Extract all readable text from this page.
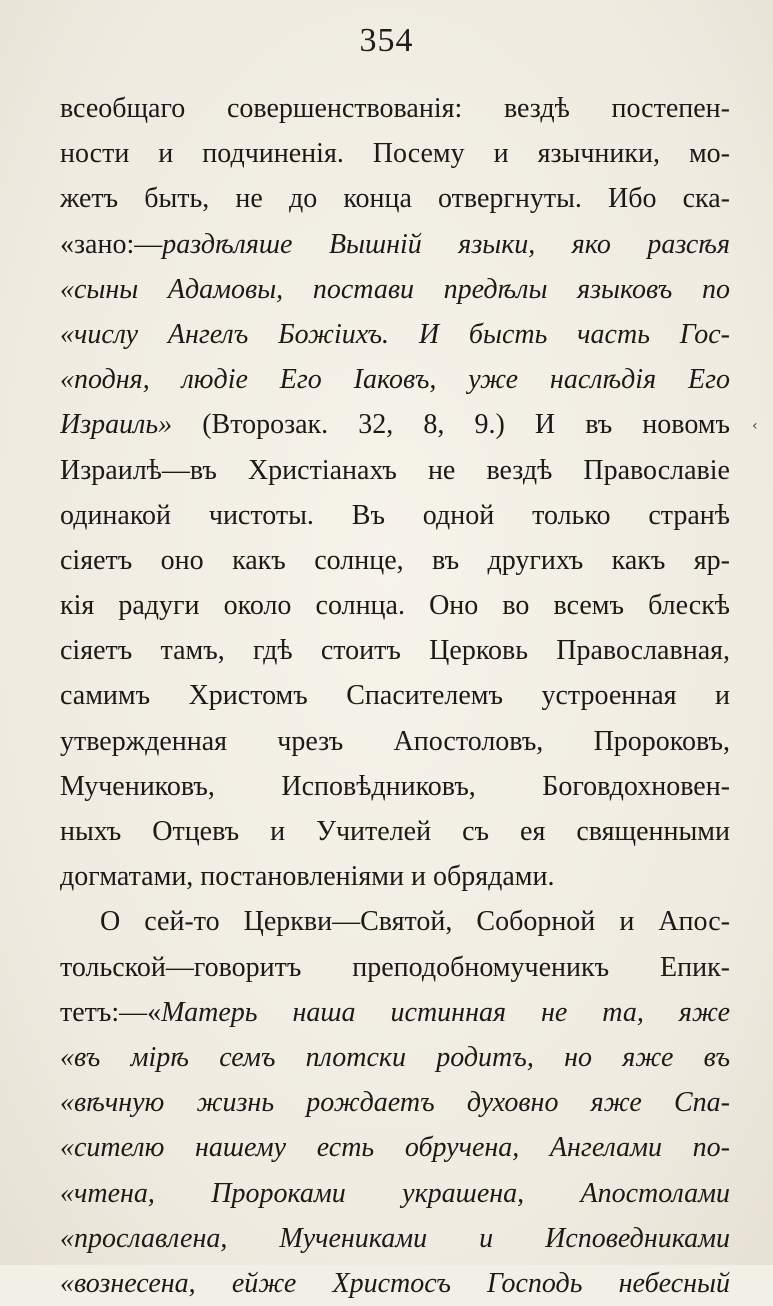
354
всеобщаго совершенствованія: вездѣ постепен-
ности и подчиненія. Посему и язычники, мо-
жетъ быть, не до конца отвергнуты. Ибо ска-
«зано:—раздѣляше Вышній языки, яко разсѣя
«сыны Адамовы, постави предѣлы языковъ по
«числу Ангелъ Божіихъ. И бысть часть Гос-
«подня, людіе Его Іаковъ, уже наслѣдія Его
Израиль» (Второзак. 32, 8, 9.) И въ новомъ
Израилѣ—въ Христіанахъ не вездѣ Православіе
одинакой чистоты. Въ одной только странѣ
сіяетъ оно какъ солнце, въ другихъ какъ яр-
кія радуги около солнца. Оно во всемъ блескѣ
сіяетъ тамъ, гдѣ стоитъ Церковь Православная,
самимъ Христомъ Спасителемъ устроенная и
утвержденная чрезъ Апостоловъ, Пророковъ,
Мучениковъ, Исповѣдниковъ, Боговдохновен-
ныхъ Отцевъ и Учителей съ ея священными
догматами, постановленіями и обрядами.
О сей-то Церкви—Святой, Соборной и Апос-
тольской—говоритъ преподобномученикъ Епик-
тетъ:—«Матерь наша истинная не та, яже
«въ мірѣ семъ плотски родитъ, но яже въ
«вѣчную жизнь рождаетъ духовно яже Спа-
«сителю нашему есть обручена, Ангелами по-
«чтена, Пророками украшена, Апостолами
«прославлена, Мучениками и Исповедниками
«вознесена, ейже Христосъ Господь небесный
‹
